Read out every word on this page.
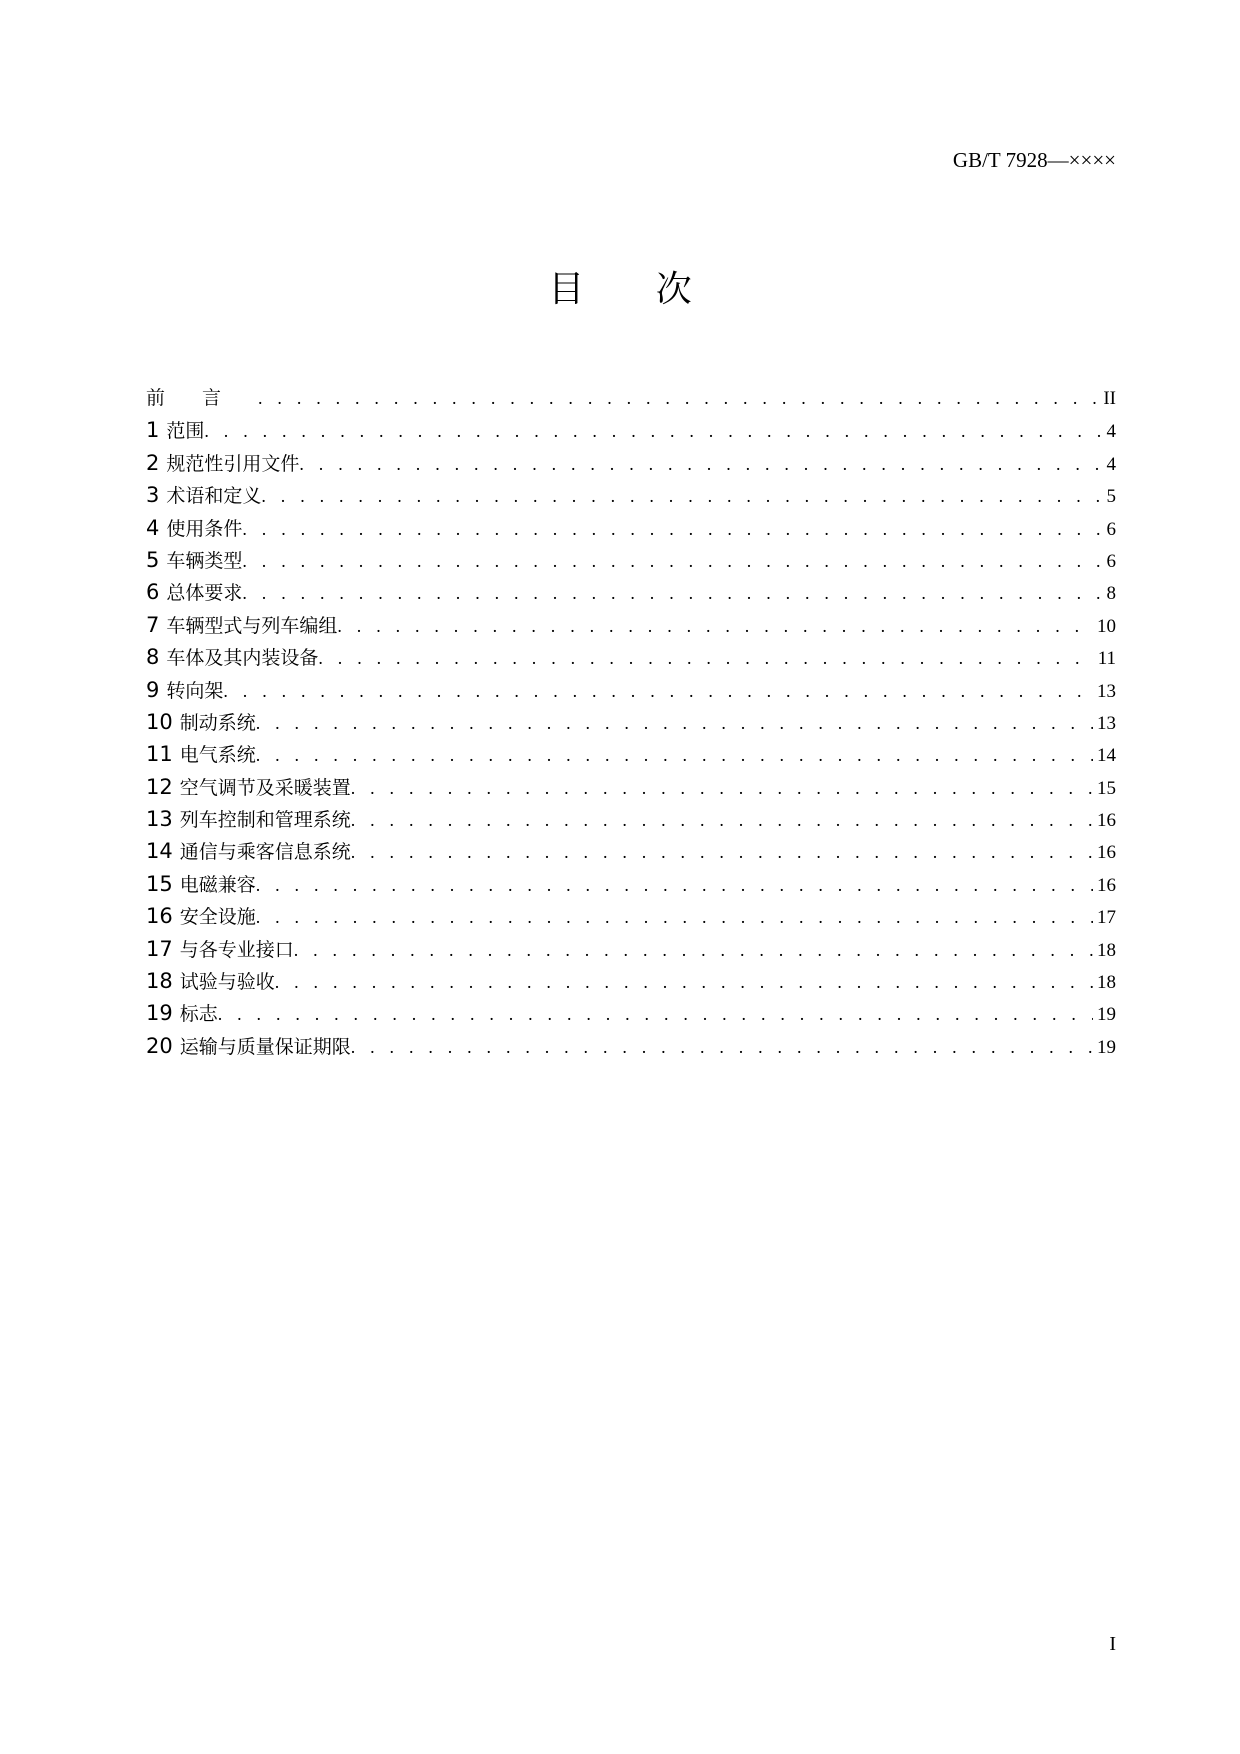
GB/T 7928—××××
目 次
前言 . . .	II
1 范围 . . .	4
2 规范性引用文件 . . .	4
3 术语和定义 . . .	5
4 使用条件 . . .	6
5 车辆类型 . . .	6
6 总体要求 . . .	8
7 车辆型式与列车编组 . . .	10
8 车体及其内装设备 . . .	11
9 转向架 . . .	13
10 制动系统 . . .	13
11 电气系统 . . .	14
12 空气调节及采暖装置 . . .	15
13 列车控制和管理系统 . . .	16
14 通信与乘客信息系统 . . .	16
15 电磁兼容 . . .	16
16 安全设施 . . .	17
17 与各专业接口 . . .	18
18 试验与验收 . . .	18
19 标志 . . .	19
20 运输与质量保证期限 . . .	19
I
